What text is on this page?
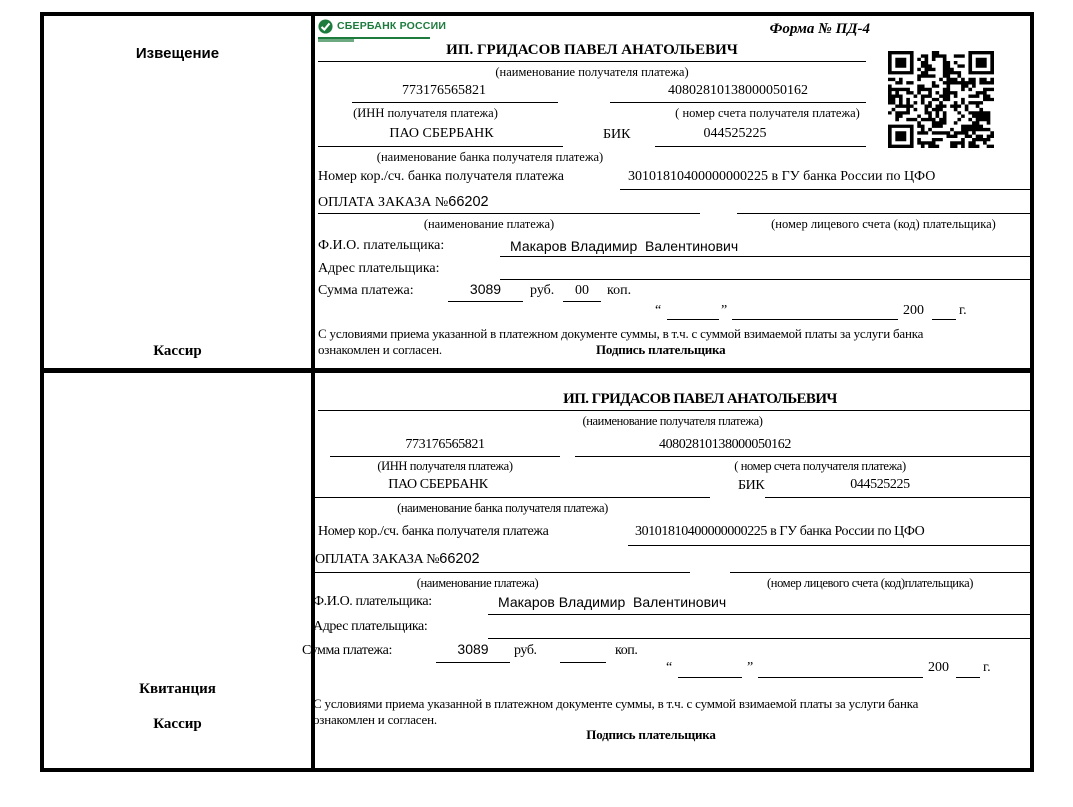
Извещение
Кассир
СБЕРБАНК РОССИИ	Форма № ПД-4
ИП. ГРИДАСОВ ПАВЕЛ АНАТОЛЬЕВИЧ
(наименование получателя платежа)
773176565821	40802810138000050162
(ИНН получателя платежа)	( номер счета получателя платежа)
ПАО СБЕРБАНК	БИК	044525225
(наименование банка получателя платежа)
Номер кор./сч. банка получателя платежа	30101810400000000225 в ГУ банка России по ЦФО
ОПЛАТА ЗАКАЗА №66202
(наименование платежа)	(номер лицевого счета (код) плательщика)
Ф.И.О. плательщика:	Макаров Владимир  Валентинович
Адрес плательщика:
Сумма платежа:	3089	руб.	00	коп.
“	”	200	г.
С условиями приема указанной в платежном документе суммы, в т.ч. с суммой взимаемой платы за услуги банка
ознакомлен и согласен.	Подпись плательщика
Квитанция
Кассир
ИП. ГРИДАСОВ ПАВЕЛ АНАТОЛЬЕВИЧ
(наименование получателя платежа)
773176565821	40802810138000050162
(ИНН получателя платежа)	( номер счета получателя платежа)
ПАО СБЕРБАНК	БИК	044525225
(наименование банка получателя платежа)
Номер кор./сч. банка получателя платежа	30101810400000000225 в ГУ банка России по ЦФО
ОПЛАТА ЗАКАЗА №66202
(наименование платежа)	(номер лицевого счета (код)плательщика)
Ф.И.О. плательщика:	Макаров Владимир  Валентинович
Адрес плательщика:
Сумма платежа:	3089	руб.	коп.
“	”	200 г.
С условиями приема указанной в платежном документе суммы, в т.ч. с суммой взимаемой платы за услуги банка
ознакомлен и согласен.
Подпись плательщика
